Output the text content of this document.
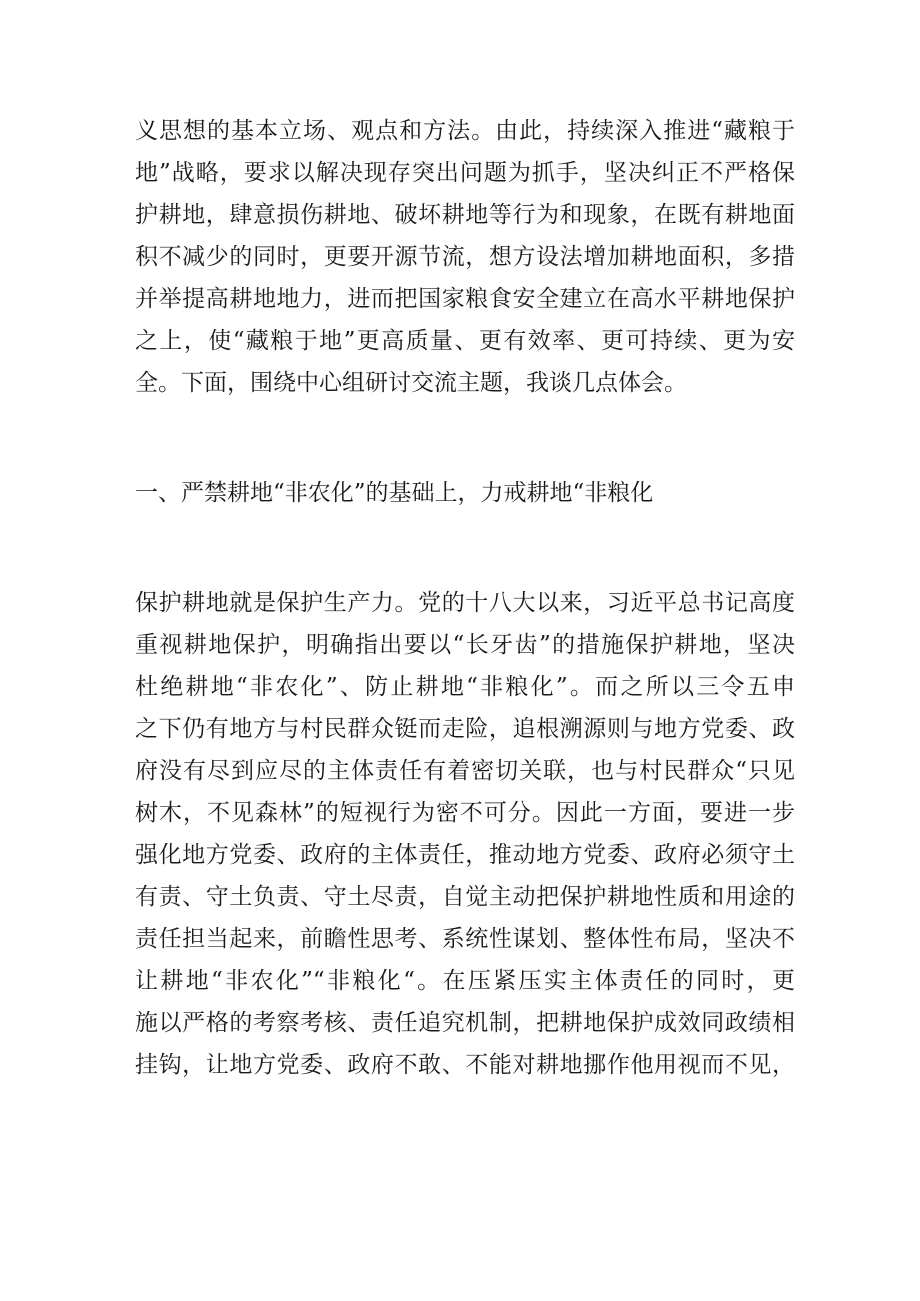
义思想的基本立场、观点和方法。由此，持续深入推进“藏粮于
地”战略，要求以解决现存突出问题为抓手，坚决纠正不严格保
护耕地，肆意损伤耕地、破坏耕地等行为和现象，在既有耕地面
积不减少的同时，更要开源节流，想方设法增加耕地面积，多措
并举提高耕地地力，进而把国家粮食安全建立在高水平耕地保护
之上，使“藏粮于地”更高质量、更有效率、更可持续、更为安
全。下面，围绕中心组研讨交流主题，我谈几点体会。
一、严禁耕地“非农化”的基础上，力戒耕地“非粮化
保护耕地就是保护生产力。党的十八大以来，习近平总书记高度
重视耕地保护，明确指出要以“长牙齿”的措施保护耕地，坚决
杜绝耕地“非农化”、防止耕地“非粮化”。而之所以三令五申
之下仍有地方与村民群众铤而走险，追根溯源则与地方党委、政
府没有尽到应尽的主体责任有着密切关联，也与村民群众“只见
树木，不见森林”的短视行为密不可分。因此一方面，要进一步
强化地方党委、政府的主体责任，推动地方党委、政府必须守土
有责、守土负责、守土尽责，自觉主动把保护耕地性质和用途的
责任担当起来，前瞻性思考、系统性谋划、整体性布局，坚决不
让耕地“非农化”“非粮化“。在压紧压实主体责任的同时，更
施以严格的考察考核、责任追究机制，把耕地保护成效同政绩相
挂钩，让地方党委、政府不敢、不能对耕地挪作他用视而不见，
